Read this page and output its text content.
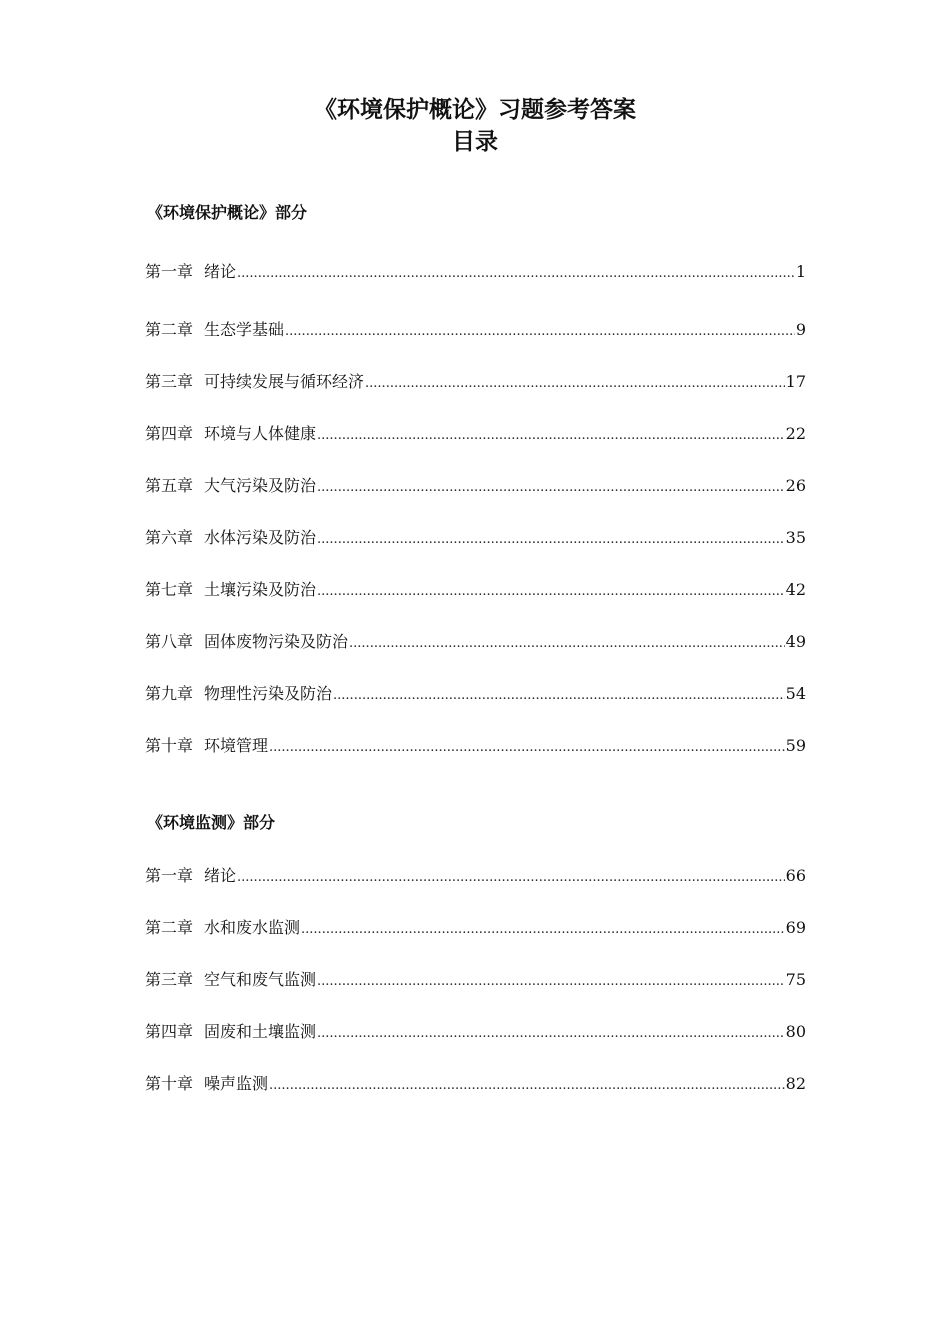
《环境保护概论》习题参考答案
目录
《环境保护概论》部分
第一章 绪论 .....	1
第二章 生态学基础 .....	9
第三章 可持续发展与循环经济 .....	17
第四章 环境与人体健康 .....	22
第五章 大气污染及防治 .....	26
第六章 水体污染及防治 .....	35
第七章 土壤污染及防治 .....	42
第八章 固体废物污染及防治 .....	49
第九章 物理性污染及防治 .....	54
第十章 环境管理 .....	59
《环境监测》部分
第一章 绪论 .....	66
第二章 水和废水监测 .....	69
第三章 空气和废气监测 .....	75
第四章 固废和土壤监测 .....	80
第十章 噪声监测 .....	82
